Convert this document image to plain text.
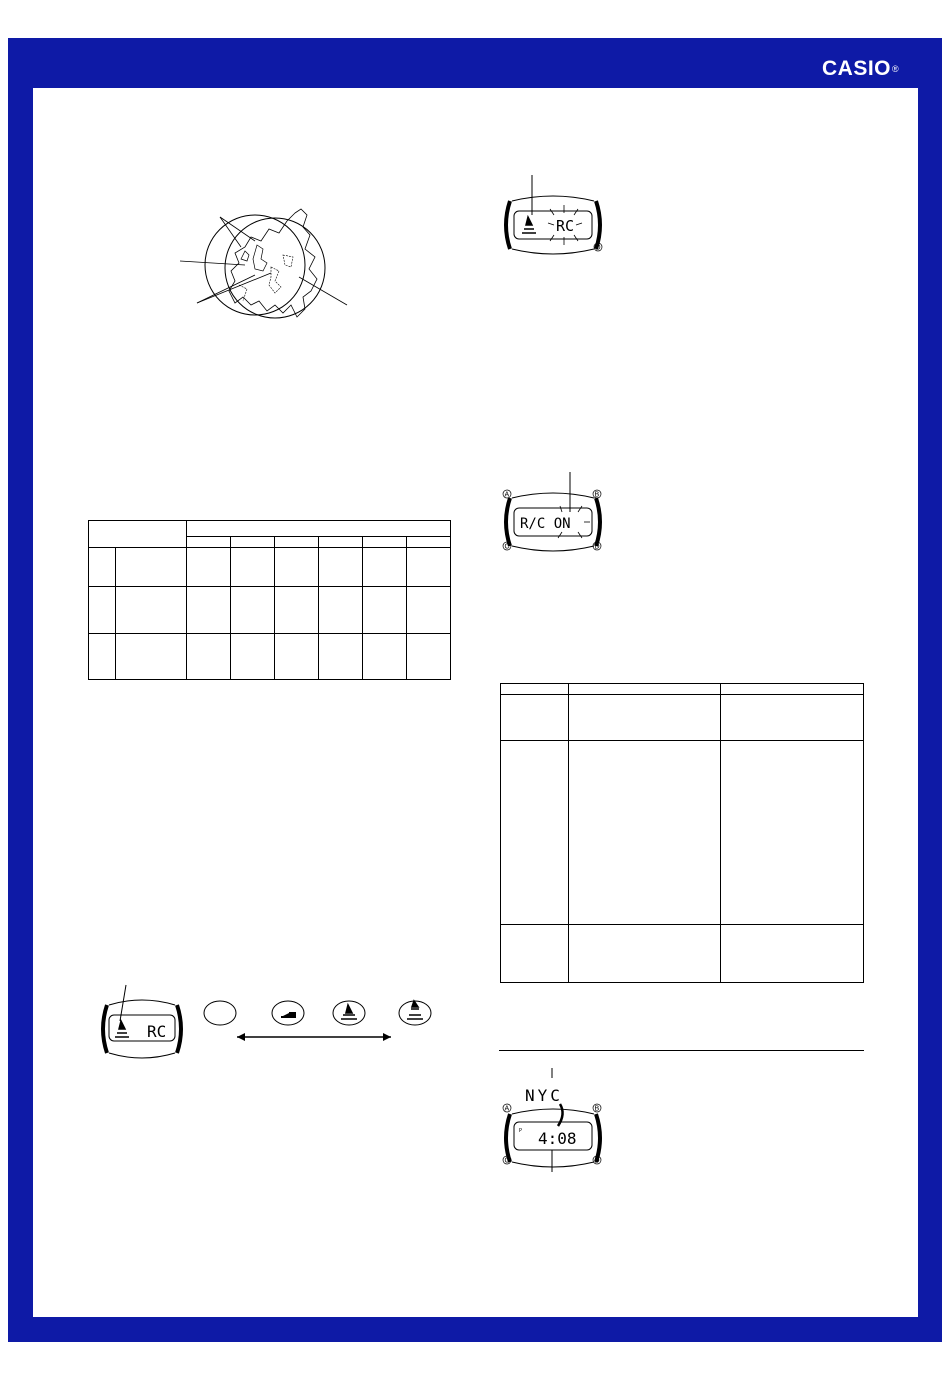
CASIO®

RC
RC
D
R/C ON
A	B
C	D

NYC
P 4:08
A	B
C	D
